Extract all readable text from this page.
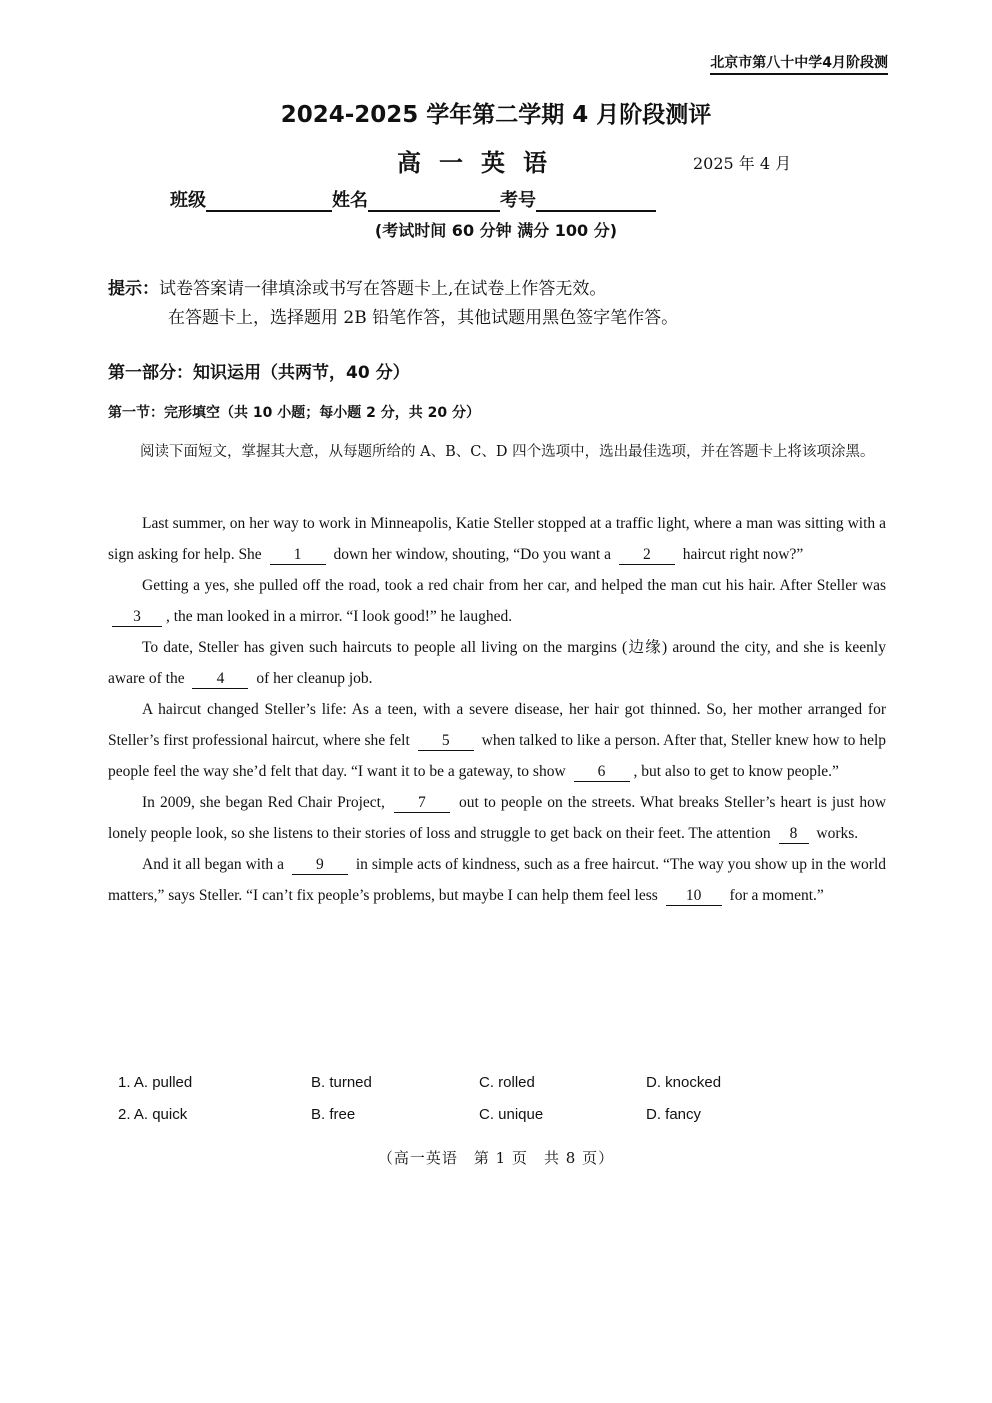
北京市第八十中学4月阶段测
2024-2025 学年第二学期 4 月阶段测评
高一英语	2025 年 4 月
班级	姓名	考号
(考试时间 60 分钟 满分 100 分)
提示：试卷答案请一律填涂或书写在答题卡上,在试卷上作答无效。
在答题卡上，选择题用 2B 铅笔作答，其他试题用黑色签字笔作答。
第一部分：知识运用（共两节，40 分）
第一节：完形填空（共 10 小题；每小题 2 分，共 20 分）
阅读下面短文，掌握其大意，从每题所给的 A、B、C、D 四个选项中，选出最佳选项，并在答题卡上将该项涂黑。

Last summer, on her way to work in Minneapolis, Katie Steller stopped at a traffic light, where a man was sitting with a sign asking for help. She 1 down her window, shouting, “Do you want a 2 haircut right now?”

Getting a yes, she pulled off the road, took a red chair from her car, and helped the man cut his hair. After Steller was 3 , the man looked in a mirror. “I look good!” he laughed.

To date, Steller has given such haircuts to people all living on the margins (边缘) around the city, and she is keenly aware of the 4 of her cleanup job.

A haircut changed Steller’s life: As a teen, with a severe disease, her hair got thinned. So, her mother arranged for Steller’s first professional haircut, where she felt 5 when talked to like a person. After that, Steller knew how to help people feel the way she’d felt that day. “I want it to be a gateway, to show 6 , but also to get to know people.”

In 2009, she began Red Chair Project, 7 out to people on the streets. What breaks Steller’s heart is just how lonely people look, so she listens to their stories of loss and struggle to get back on their feet. The attention 8 works.

And it all began with a 9 in simple acts of kindness, such as a free haircut. “The way you show up in the world matters,” says Steller. “I can’t fix people’s problems, but maybe I can help them feel less 10 for a moment.”

1. A. pulled	B. turned	C. rolled	D. knocked
2. A. quick	B. free	C. unique	D. fancy
（高一英语　第 1 页　共 8 页）
